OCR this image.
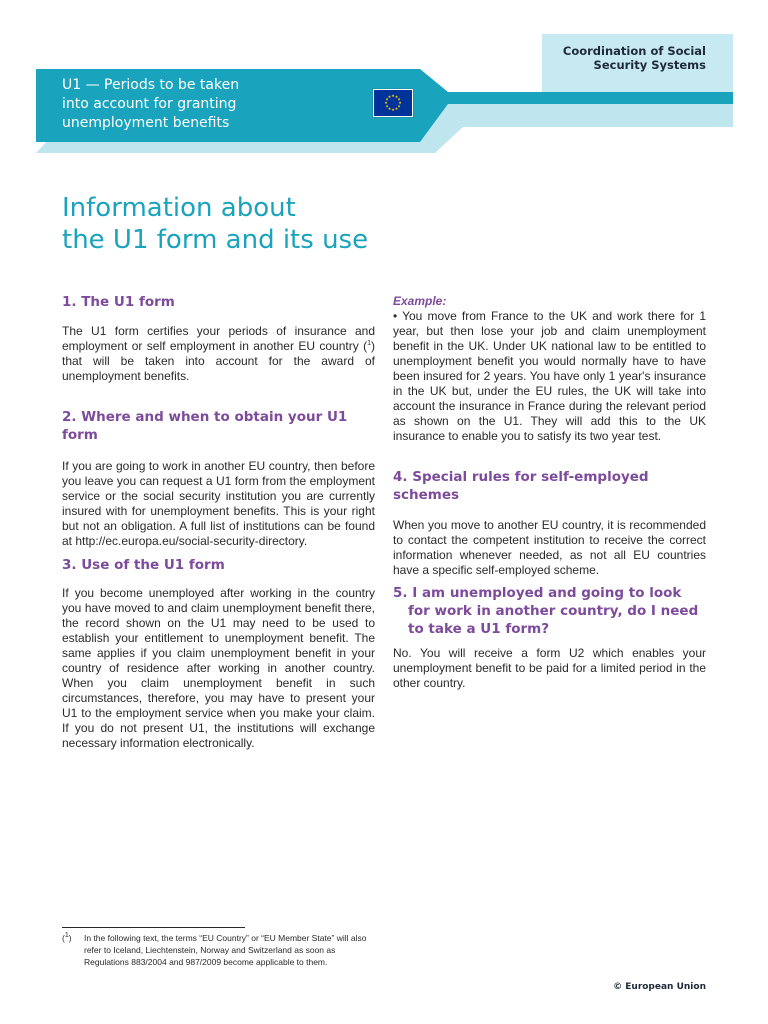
Coordination of Social
Security Systems
U1 — Periods to be taken
into account for granting
unemployment benefits
★ ★
★
★
★
★
★
★
★
★
★
★
Information about
the U1 form and its use
1. The U1 form

The U1 form certifies your periods of insurance and employment or self employment in another EU country ($^1$) that will be taken into account for the award of unemployment benefits.

2. Where and when to obtain your U1 form

If you are going to work in another EU country, then before you leave you can request a U1 form from the employment service or the social security institution you are currently insured with for unemployment benefits. This is your right but not an obligation. A full list of institutions can be found at http://ec.europa.eu/social-security-directory.

3. Use of the U1 form

If you become unemployed after working in the country you have moved to and claim unemployment benefit there, the record shown on the U1 may need to be used to establish your entitlement to unemployment benefit. The same applies if you claim unemployment benefit in your country of residence after working in another country. When you claim unemployment benefit in such circumstances, therefore, you may have to present your U1 to the employment service when you make your claim. If you do not present U1, the institutions will exchange necessary information electronically.

Example:

• You move from France to the UK and work there for 1 year, but then lose your job and claim unemployment benefit in the UK. Under UK national law to be entitled to unemployment benefit you would normally have to have been insured for 2 years. You have only 1 year's insurance in the UK but, under the EU rules, the UK will take into account the insurance in France during the relevant period as shown on the U1. They will add this to the UK insurance to enable you to satisfy its two year test.

4. Special rules for self-employed schemes

When you move to another EU country, it is recommended to contact the competent institution to receive the correct information whenever needed, as not all EU countries have a specific self-employed scheme.

5. I am unemployed and going to look for work in another country, do I need to take a U1 form?

No. You will receive a form U2 which enables your unemployment benefit to be paid for a limited period in the other country.

($^1$) In the following text, the terms “EU Country” or “EU Member State” will also refer to Iceland, Liechtenstein, Norway and Switzerland as soon as Regulations 883/2004 and 987/2009 become applicable to them.
© European Union
